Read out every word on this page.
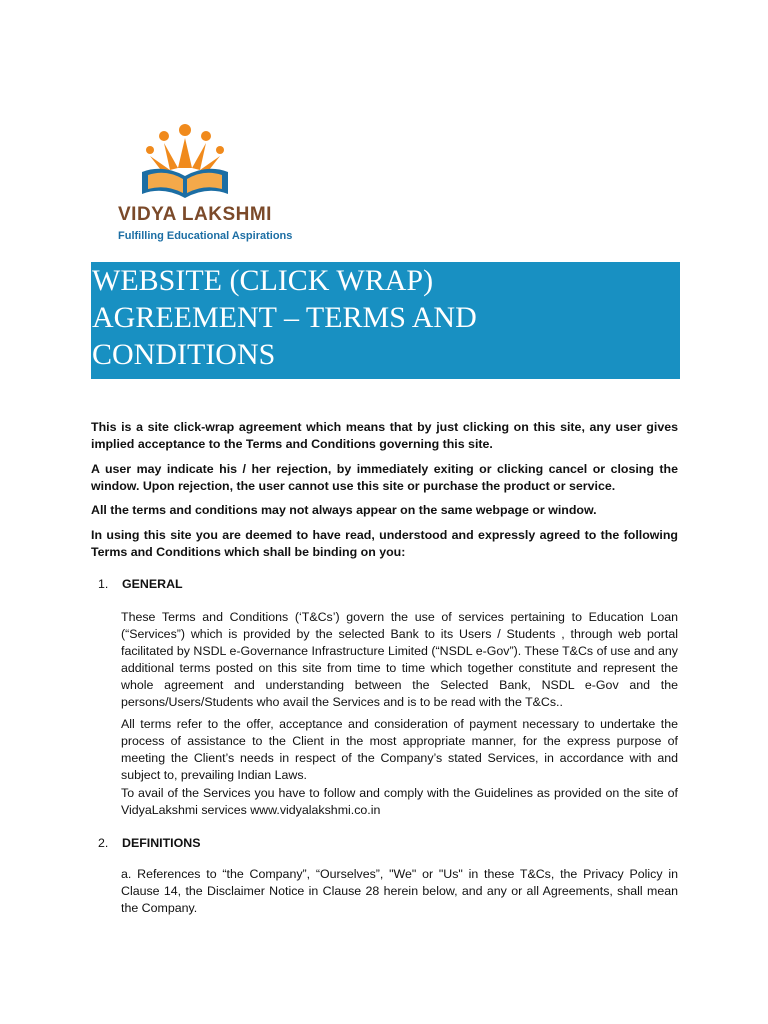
VIDYA LAKSHMI
Fulfilling Educational Aspirations
WEBSITE (CLICK WRAP)
AGREEMENT – TERMS AND
CONDITIONS

This is a site click-wrap agreement which means that by just clicking on this site, any user gives implied acceptance to the Terms and Conditions governing this site.

A user may indicate his / her rejection, by immediately exiting or clicking cancel or closing the window. Upon rejection, the user cannot use this site or purchase the product or service.

All the terms and conditions may not always appear on the same webpage or window.

In using this site you are deemed to have read, understood and expressly agreed to the following Terms and Conditions which shall be binding on you:

1. GENERAL

These Terms and Conditions (‘T&Cs’) govern the use of services pertaining to Education Loan (“Services”) which is provided by the selected Bank to its Users / Students , through web portal facilitated by NSDL e-Governance Infrastructure Limited (“NSDL e-Gov”). These T&Cs of use and any additional terms posted on this site from time to time which together constitute and represent the whole agreement and understanding between the Selected Bank, NSDL e-Gov and the persons/Users/Students who avail the Services and is to be read with the T&Cs..

All terms refer to the offer, acceptance and consideration of payment necessary to undertake the process of assistance to the Client in the most appropriate manner, for the express purpose of meeting the Client’s needs in respect of the Company’s stated Services, in accordance with and subject to, prevailing Indian Laws.

To avail of the Services you have to follow and comply with the Guidelines as provided on the site of VidyaLakshmi services www.vidyalakshmi.co.in

2. DEFINITIONS

a. References to “the Company”, “Ourselves”, "We" or "Us" in these T&Cs, the Privacy Policy in Clause 14, the Disclaimer Notice in Clause 28 herein below, and any or all Agreements, shall mean the Company.
